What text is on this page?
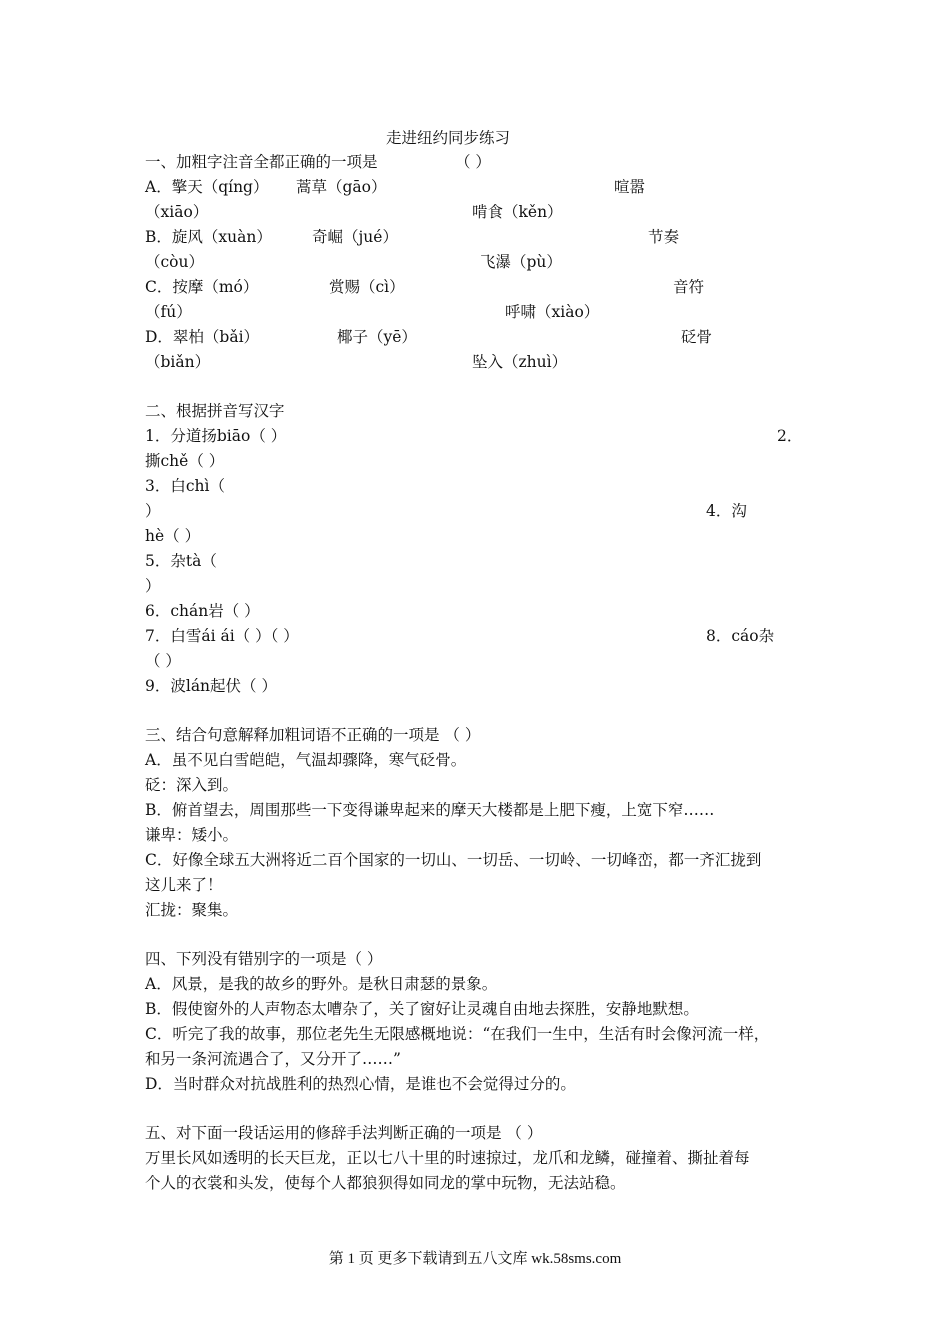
走进纽约同步练习
一、加粗字注音全都正确的一项是	（ ）
A．擎天（qíng） 蒿草（gāo）	喧嚣
（xiāo）	啃食（kěn）
B．旋风（xuàn）	奇崛（jué）	节奏
（còu）	飞瀑（pù）
C．按摩（mó）	赏赐（cì）	音符
（fú）	呼啸（xiào）
D．翠柏（bǎi）	椰子（yē）	砭骨
（biǎn）	坠入（zhuì）
二、根据拼音写汉字
1．分道扬biāo（ ）	2．
撕chě（ ）
3．白chì（
）	4．沟
hè（ ）
5．杂tà（
）
6．chán岩（ ）
7．白雪ái ái（ ）（ ）	8．cáo杂
（ ）
9．波lán起伏（ ）
三、结合句意解释加粗词语不正确的一项是 （ ）
A．虽不见白雪皑皑，气温却骤降，寒气砭骨。
砭：深入到。
B．俯首望去，周围那些一下变得谦卑起来的摩天大楼都是上肥下瘦，上宽下窄……
谦卑：矮小。
C．好像全球五大洲将近二百个国家的一切山、一切岳、一切岭、一切峰峦，都一齐汇拢到
这儿来了！
汇拢：聚集。
四、下列没有错别字的一项是（ ）
A．风景，是我的故乡的野外。是秋日肃瑟的景象。
B．假使窗外的人声物态太嘈杂了，关了窗好让灵魂自由地去探胜，安静地默想。
C．听完了我的故事，那位老先生无限感概地说：“在我们一生中，生活有时会像河流一样，
和另一条河流遇合了，又分开了……”
D．当时群众对抗战胜利的热烈心情，是谁也不会觉得过分的。
五、对下面一段话运用的修辞手法判断正确的一项是 （ ）
万里长风如透明的长天巨龙，正以七八十里的时速掠过，龙爪和龙鳞，碰撞着、撕扯着每
个人的衣裳和头发，使每个人都狼狈得如同龙的掌中玩物，无法站稳。
第 1 页 更多下载请到五八文库 wk.58sms.com
